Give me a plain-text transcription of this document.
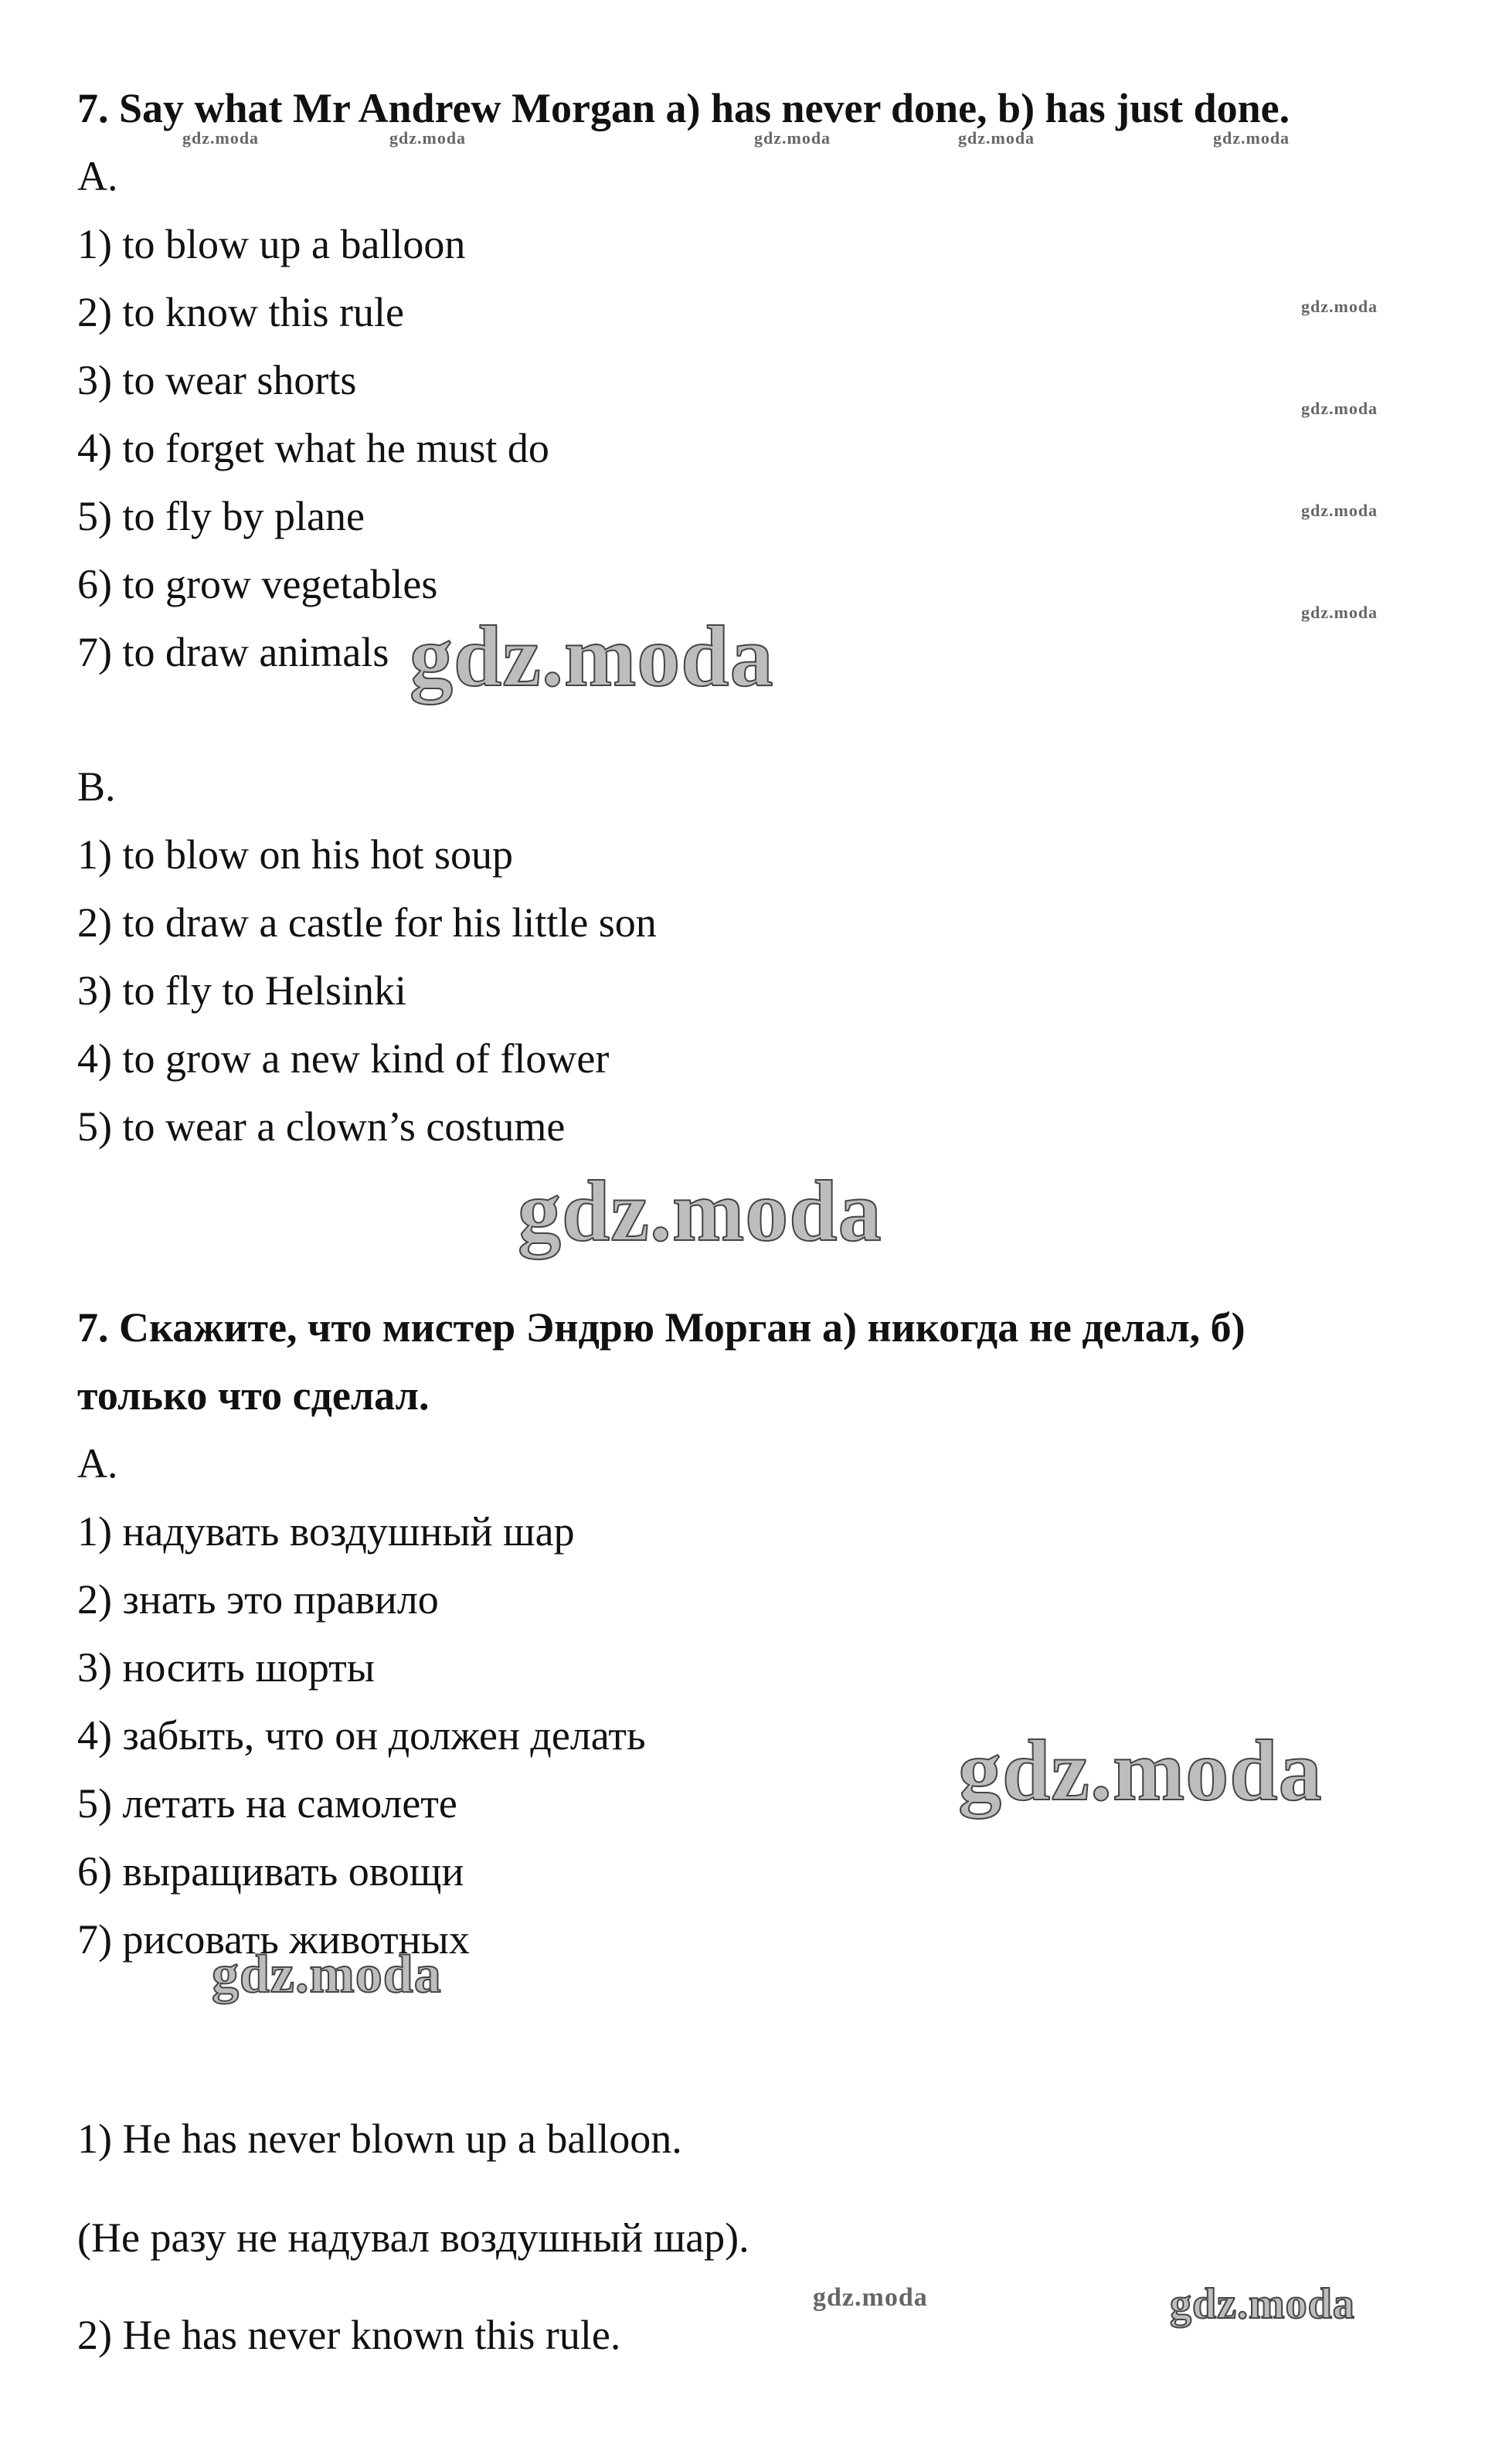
7. Say what Mr Andrew Morgan a) has never done, b) has just done.
A.
1) to blow up a balloon
2) to know this rule
3) to wear shorts
4) to forget what he must do
5) to fly by plane
6) to grow vegetables
7) to draw animals
B.
1) to blow on his hot soup
2) to draw a castle for his little son
3) to fly to Helsinki
4) to grow a new kind of flower
5) to wear a clown’s costume
7. Скажите, что мистер Эндрю Морган а) никогда не делал, б)
только что сделал.
А.
1) надувать воздушный шар
2) знать это правило
3) носить шорты
4) забыть, что он должен делать
5) летать на самолете
6) выращивать овощи
7) рисовать животных
1) He has never blown up a balloon.
(Не разу не надувал воздушный шар).
2) He has never known this rule.
gdz.moda	gdz.moda	gdz.moda	gdz.moda	gdz.moda
gdz.moda
gdz.moda
gdz.moda
gdz.moda
gdz.moda
gdz.moda
gdz.moda
gdz.moda
gdz.moda	gdz.moda
